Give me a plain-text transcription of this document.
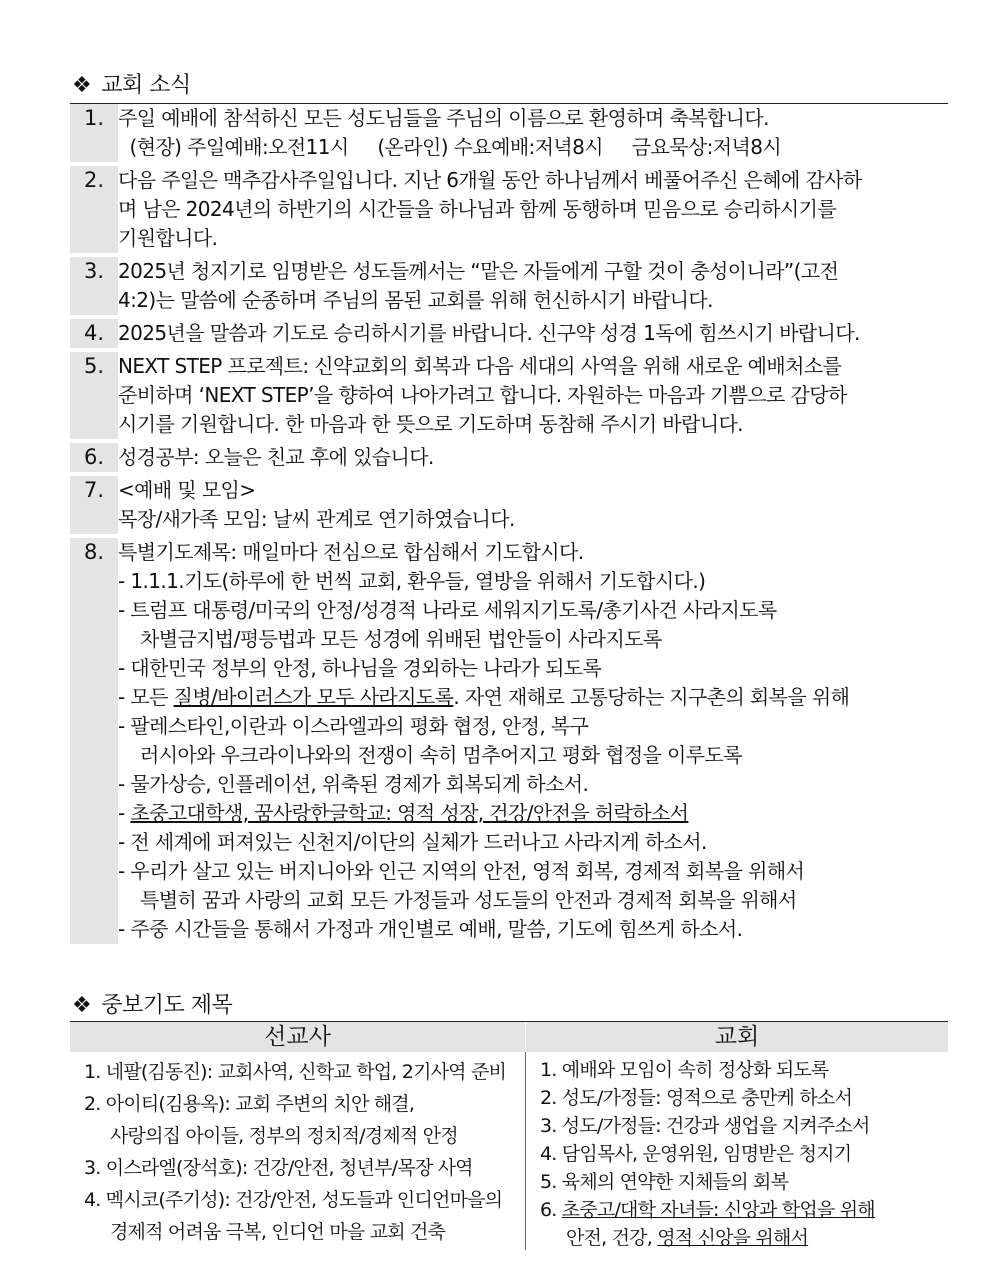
❖ 교회 소식
1. 주일 예배에 참석하신 모든 성도님들을 주님의 이름으로 환영하며 축복합니다.
(현장) 주일예배:오전11시     (온라인) 수요예배:저녁8시     금요묵상:저녁8시
2. 다음 주일은 맥추감사주일입니다. 지난 6개월 동안 하나님께서 베풀어주신 은혜에 감사하
며 남은 2024년의 하반기의 시간들을 하나님과 함께 동행하며 믿음으로 승리하시기를
기원합니다.
3. 2025년 청지기로 임명받은 성도들께서는 “맡은 자들에게 구할 것이 충성이니라”(고전
4:2)는 말씀에 순종하며 주님의 몸된 교회를 위해 헌신하시기 바랍니다.
4. 2025년을 말씀과 기도로 승리하시기를 바랍니다. 신구약 성경 1독에 힘쓰시기 바랍니다.
5. NEXT STEP 프로젝트: 신약교회의 회복과 다음 세대의 사역을 위해 새로운 예배처소를
준비하며 ‘NEXT STEP’을 향하여 나아가려고 합니다. 자원하는 마음과 기쁨으로 감당하
시기를 기원합니다. 한 마음과 한 뜻으로 기도하며 동참해 주시기 바랍니다.
6. 성경공부: 오늘은 친교 후에 있습니다.
7. <예배 및 모임>
목장/새가족 모임: 날씨 관계로 연기하였습니다.
8. 특별기도제목: 매일마다 전심으로 합심해서 기도합시다.
- 1.1.1.기도(하루에 한 번씩 교회, 환우들, 열방을 위해서 기도합시다.)
- 트럼프 대통령/미국의 안정/성경적 나라로 세워지기도록/총기사건 사라지도록
차별금지법/평등법과 모든 성경에 위배된 법안들이 사라지도록
- 대한민국 정부의 안정, 하나님을 경외하는 나라가 되도록
- 모든 질병/바이러스가 모두 사라지도록. 자연 재해로 고통당하는 지구촌의 회복을 위해
- 팔레스타인,이란과 이스라엘과의 평화 협정, 안정, 복구
러시아와 우크라이나와의 전쟁이 속히 멈추어지고 평화 협정을 이루도록
- 물가상승, 인플레이션, 위축된 경제가 회복되게 하소서.
- 초중고대학생, 꿈사랑한글학교: 영적 성장, 건강/안전을 허락하소서
- 전 세계에 퍼져있는 신천지/이단의 실체가 드러나고 사라지게 하소서.
- 우리가 살고 있는 버지니아와 인근 지역의 안전, 영적 회복, 경제적 회복을 위해서
특별히 꿈과 사랑의 교회 모든 가정들과 성도들의 안전과 경제적 회복을 위해서
- 주중 시간들을 통해서 가정과 개인별로 예배, 말씀, 기도에 힘쓰게 하소서.
❖ 중보기도 제목
선교사	교회
1. 네팔(김동진): 교회사역, 신학교 학업, 2기사역 준비
2. 아이티(김용옥): 교회 주변의 치안 해결,
사랑의집 아이들, 정부의 정치적/경제적 안정
3. 이스라엘(장석호): 건강/안전, 청년부/목장 사역
4. 멕시코(주기성): 건강/안전, 성도들과 인디언마을의
경제적 어려움 극복, 인디언 마을 교회 건축
1. 예배와 모임이 속히 정상화 되도록
2. 성도/가정들: 영적으로 충만케 하소서
3. 성도/가정들: 건강과 생업을 지켜주소서
4. 담임목사, 운영위원, 임명받은 청지기
5. 육체의 연약한 지체들의 회복
6. 초중고/대학 자녀들: 신앙과 학업을 위해
안전, 건강, 영적 신앙을 위해서
